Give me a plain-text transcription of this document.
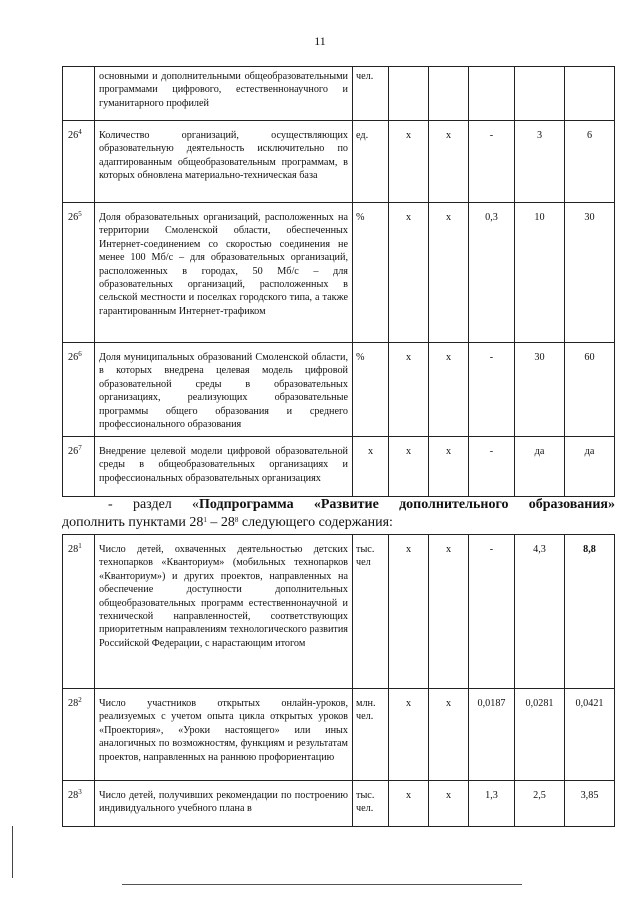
11
	основными и дополнительными общеобразовательными программами цифрового, естественнонаучного и гуманитарного профилей	чел.					
$26^4$	Количество организаций, осуществляющих образовательную деятельность исключительно по адаптированным общеобразовательным программам, в которых обновлена материально-техническая база	ед.	х	х	-	3	6
$26^5$	Доля образовательных организаций, расположенных на территории Смоленской области, обеспеченных Интернет-соединением со скоростью соединения не менее 100 Мб/с – для образовательных организаций, расположенных в городах, 50 Мб/с – для образовательных организаций, расположенных в сельской местности и поселках городского типа, а также гарантированным Интернет-трафиком	%	х	х	0,3	10	30
$26^6$	Доля муниципальных образований Смоленской области, в которых внедрена целевая модель цифровой образовательной среды в образовательных организациях, реализующих образовательные программы общего образования и среднего профессионального образования	%	х	х	-	30	60
$26^7$	Внедрение целевой модели цифровой образовательной среды в общеобразовательных организациях и профессиональных образовательных организациях	х	х	х	-	да	да
- раздел «Подпрограмма «Развитие дополнительного образования»
дополнить пунктами $28^1 - 28^8$ следующего содержания:
$28^1$	Число детей, охваченных деятельностью детских технопарков «Кванториум» (мобильных технопарков «Кванториум») и других проектов, направленных на обеспечение доступности дополнительных общеобразовательных программ естественнонаучной и технической направленностей, соответствующих приоритетным направлениям технологического развития Российской Федерации, с нарастающим итогом	тыс. чел	х	х	-	4,3	8,8
$28^2$	Число участников открытых онлайн-уроков, реализуемых с учетом опыта цикла открытых уроков «Проектория», «Уроки настоящего» или иных аналогичных по возможностям, функциям и результатам проектов, направленных на раннюю профориентацию	млн. чел.	х	х	0,0187	0,0281	0,0421
$28^3$	Число детей, получивших рекомендации по построению индивидуального учебного плана в	тыс. чел.	х	х	1,3	2,5	3,85
